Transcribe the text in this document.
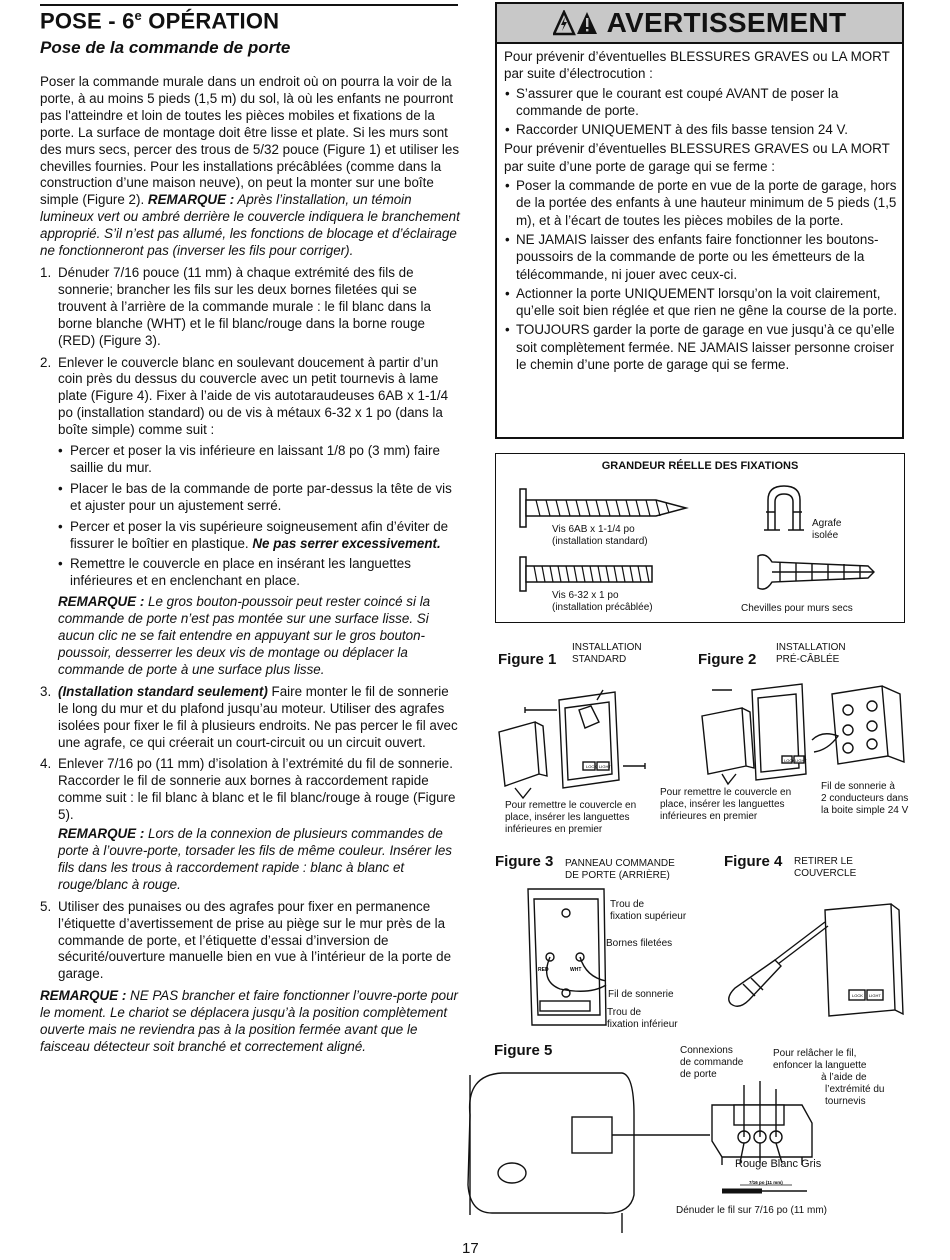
POSE - 6e OPÉRATION
Pose de la commande de porte

Poser la commande murale dans un endroit où on pourra la voir de la porte, à au moins 5 pieds (1,5 m) du sol, là où les enfants ne pourront pas l'atteindre et loin de toutes les pièces mobiles et fixations de la porte. La surface de montage doit être lisse et plate. Si les murs sont des murs secs, percer des trous de 5/32 pouce (Figure 1) et utiliser les chevilles fournies. Pour les installations précâblées (comme dans la construction d’une maison neuve), on peut la monter sur une boîte simple (Figure 2). REMARQUE : Après l’installation, un témoin lumineux vert ou ambré derrière le couvercle indiquera le branchement approprié. S’il n’est pas allumé, les fonctions de blocage et d’éclairage ne fonctionneront pas (inverser les fils pour corriger).

1. Dénuder 7/16 pouce (11 mm) à chaque extrémité des fils de sonnerie; brancher les fils sur les deux bornes filetées qui se trouvent à l’arrière de la commande murale : le fil blanc dans la borne blanche (WHT) et le fil blanc/rouge dans la borne rouge (RED) (Figure 3).
2. Enlever le couvercle blanc en soulevant doucement à partir d’un coin près du dessus du couvercle avec un petit tournevis à lame plate (Figure 4). Fixer à l’aide de vis autotaraudeuses 6AB x 1-1/4 po (installation standard) ou de vis à métaux 6-32 x 1 po (dans la boîte simple) comme suit :
• Percer et poser la vis inférieure en laissant 1/8 po (3 mm) faire saillie du mur.
• Placer le bas de la commande de porte par-dessus la tête de vis et ajuster pour un ajustement serré.
• Percer et poser la vis supérieure soigneusement afin d’éviter de fissurer le boîtier en plastique. Ne pas serrer excessivement.
• Remettre le couvercle en place en insérant les languettes inférieures et en enclenchant en place.
REMARQUE : Le gros bouton-poussoir peut rester coincé si la commande de porte n’est pas montée sur une surface lisse. Si aucun clic ne se fait entendre en appuyant sur le gros bouton-poussoir, desserrer les deux vis de montage ou déplacer la commande de porte à une surface plus lisse.
3. (Installation standard seulement) Faire monter le fil de sonnerie le long du mur et du plafond jusqu’au moteur. Utiliser des agrafes isolées pour fixer le fil à plusieurs endroits. Ne pas percer le fil avec une agrafe, ce qui créerait un court-circuit ou un circuit ouvert.
4. Enlever 7/16 po (11 mm) d’isolation à l’extrémité du fil de sonnerie. Raccorder le fil de sonnerie aux bornes à raccordement rapide comme suit : le fil blanc à blanc et le fil blanc/rouge à rouge (Figure 5).
REMARQUE : Lors de la connexion de plusieurs commandes de porte à l’ouvre-porte, torsader les fils de même couleur. Insérer les fils dans les trous à raccordement rapide : blanc à blanc et rouge/blanc à rouge.
5. Utiliser des punaises ou des agrafes pour fixer en permanence l’étiquette d’avertissement de prise au piège sur le mur près de la commande de porte, et l’étiquette d’essai d’inversion de sécurité/ouverture manuelle bien en vue à l’intérieur de la porte de garage.

REMARQUE : NE PAS brancher et faire fonctionner l’ouvre-porte pour le moment. Le chariot se déplacera jusqu’à la position complètement ouverte mais ne reviendra pas à la position fermée avant que le faisceau détecteur soit branché et correctement aligné.

AVERTISSEMENT

Pour prévenir d’éventuelles BLESSURES GRAVES ou LA MORT par suite d’électrocution :

• S’assurer que le courant est coupé AVANT de poser la commande de porte.
• Raccorder UNIQUEMENT à des fils basse tension 24 V.

Pour prévenir d’éventuelles BLESSURES GRAVES ou LA MORT par suite d’une porte de garage qui se ferme :

• Poser la commande de porte en vue de la porte de garage, hors de la portée des enfants à une hauteur minimum de 5 pieds (1,5 m), et à l’écart de toutes les pièces mobiles de la porte.
• NE JAMAIS laisser des enfants faire fonctionner les boutons-poussoirs de la commande de porte ou les émetteurs de la télécommande, ni jouer avec ceux-ci.
• Actionner la porte UNIQUEMENT lorsqu’on la voit clairement, qu’elle soit bien réglée et que rien ne gêne la course de la porte.
• TOUJOURS garder la porte de garage en vue jusqu’à ce qu’elle soit complètement fermée. NE JAMAIS laisser personne croiser le chemin d’une porte de garage qui se ferme.
GRANDEUR RÉELLE DES FIXATIONS
Vis 6AB x 1-1/4 po
(installation standard)
Vis 6-32 x 1 po
(installation précâblée)
Agrafe
isolée
Chevilles pour murs secs
Figure 1
INSTALLATION
STANDARD
LOCK LIGHT
Pour remettre le couvercle en
place, insérer les languettes
inférieures en premier
Figure 2
INSTALLATION
PRÉ-CÂBLÉE
LOCK LIGHT
Pour remettre le couvercle en
place, insérer les languettes
inférieures en premier
Fil de sonnerie à
2 conducteurs dans
la boite simple 24 V
Figure 3 PANNEAU COMMANDE
DE PORTE (ARRIÈRE)
RED	WHT
Trou de
fixation supérieur
Bornes filetées
Fil de sonnerie
Trou de
fixation inférieur
Figure 4 RETIRER LE
COUVERCLE
LOCK LIGHT
Figure 5	Connexions
de commande
de porte
Pour relâcher le fil,
enfoncer la languette
à l’aide de
l’extrémité du
tournevis
7/16 po (11 mm)
Rouge Blanc Gris
Dénuder le fil sur 7/16 po (11 mm)
17
